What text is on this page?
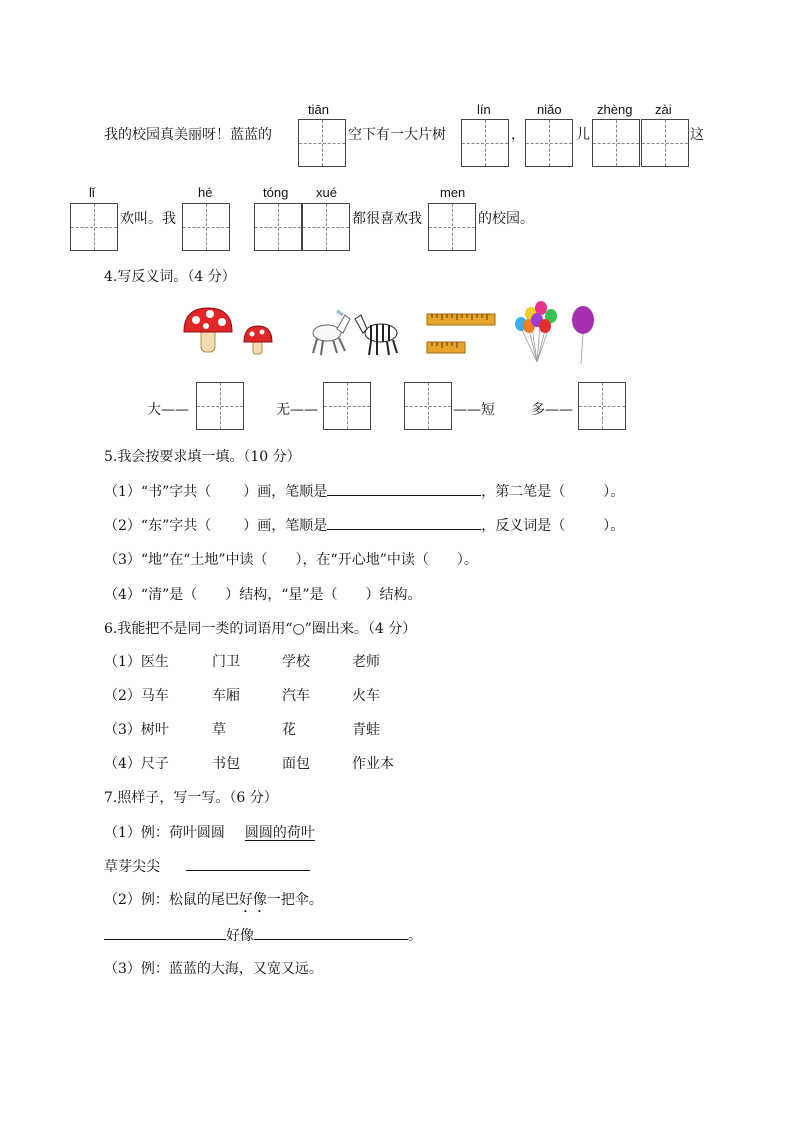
我的校园真美丽呀！蓝蓝的
tiān
空下有一大片树
lín
，
niǎo
儿
zhèng zài
这
lǐ
欢叫。我
hé	tóng xué
都很喜欢我
men
的校园。
4.写反义词。（4 分）
大——	无——	——短	多——
5.我会按要求填一填。（10 分）
（1）“书”字共（ ）画，笔顺是	，第二笔是（	）。
（2）“东”字共（ ）画，笔顺是	，反义词是（	）。
（3）“地”在“土地”中读（　　），在“开心地”中读（　　）。
（4）“清”是（　　）结构，“星”是（　　）结构。
6.我能把不是同一类的词语用“○”圈出来。（4 分）
（1）医生	门卫	学校	老师
（2）马车	车厢	汽车	火车
（3）树叶	草	花	青蛙
（4）尺子	书包	面包	作业本
7.照样子，写一写。（6 分）
（1）例：荷叶圆圆 圆圆的荷叶
草芽尖尖
（2）例：松鼠的尾巴好像一把伞。
好像	。
（3）例：蓝蓝的大海，又宽又远。
